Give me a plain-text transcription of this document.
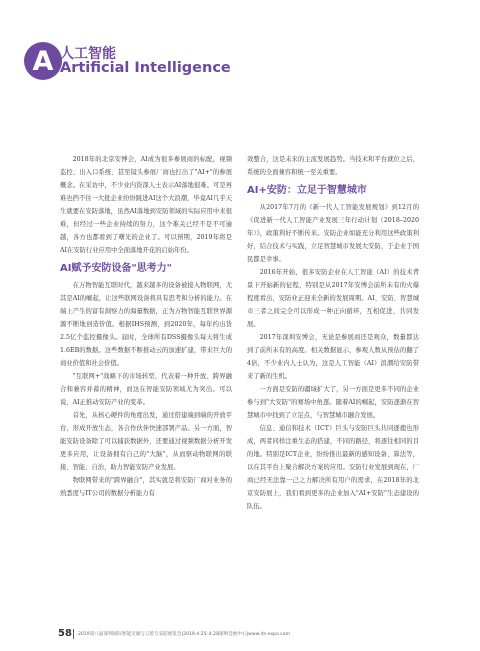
A 人工智能
Artificial Intelligence

2018年的北京安博会，AI成为很多参展商的标配，视频监控、出入口系统、甚至镜头参展厂商也打出了"AI+"的参展概念。在采访中，不少业内资深人士表示AI落地很难。可是再难也挡不住一大批企业纷纷跳进AI这个大浪潮，毕竟AI几乎天生就要在安防落地，虽然AI落地到安防领域的实际应用中来很难，但经过一些企业持续的努力，这个难关已经不是不可逾越，各方也都看到了曙光的企业了。可以预期，2019年将是AI在安防行业应用中全面落地开花的启始年份。

AI赋予安防设备"思考力"

在万物智能互联时代，越来越多的设备被接入物联网，尤其是AI的崛起，让这些联网设备将具有思考和分析的能力。在端上产生的富有洞察力的海量数据，正为万物智能互联世界源源不断地创造价值。根据IHS预测，到2020年，每年约出货2.5亿个监控摄像头。届时，全球所有DSS摄像头每天将生成1.6EB的数据。这些数据不断推动云的加速扩建，带来巨大的商业价值和社会价值。

"互联网+"战略下的市场转型，代表着一种开放、跨界融合和兼容并蓄的精神，而这在智能安防领域尤为突出。可以说，AI正推动安防产业的变革。

首先，从核心硬件的角度出发，通过搭建端到端的开放平台，形成开放生态，各合作伙伴快速部署产品。另一方面，智能安防设备除了可以捕获数据外，还要通过视频数据分析开发更多应用，让设备拥有自己的"大脑"，从而驱动物联网的联接、智能、自治，助力智能安防产业发展。

物联网带来的"跨界融合"，其实就是将安防厂商对业务的熟悉度与IT公司的数据分析能力有

效整合，这是未来的主流发展趋势。当技术和平台就位之后，系统的全面兼容和统一至关重要。

AI+安防：立足于智慧城市

从2017年7月的《新一代人工智能发展规划》到12月的《促进新一代人工智能产业发展三年行动计划（2018–2020年）》，政策利好不断传来。安防企业如能充分利用这些政策利好，结合技术与实践，立足智慧城市发展大安防，于企业于国民都是幸事。

2016年开始，很多安防企业在人工智能（AI）的技术背景下开始新的征程，特别是从2017年安博会前所未有的火爆程度看出，安防业正迎来全新的发展周期。AI、安防、智慧城市三者之间完全可以形成一种正向循环，互相促进，共同发展。

2017年深圳安博会，无论是参展商还是观众，数量都达到了前所未有的高度。相关数据显示，参观人数从预估的翻了4倍，不少业内人士认为，这是人工智能（AI）浪潮给安防带来了新的生机。

一方面是安防的疆域扩大了，另一方面是更多不同的企业参与到"大安防"的赛场中角逐。随着AI的崛起，安防逐渐在智慧城市中找到了立足点，与智慧城市融合发展。

信息、通信和技术（ICT）巨头与安防巨头共同逐鹿也形成，两者同样注重生态的搭建，不同的路径，将逐往相同的目的地。特别是ICT企业，纷纷推出最新的感知设备、算法等，以在其平台上聚合解决方案的应用。安防行业发展到现在，厂商已经无法靠一己之力解决所有用户的需求，在2018年的北京安防展上，我们看到更多的企业加入"AI+安防"生态建设的队伍。

58 2019第八届深圳国际智能交通与云盾与安防展览会|2019.4.25–4.28深圳会展中心|www.its-expo.com
